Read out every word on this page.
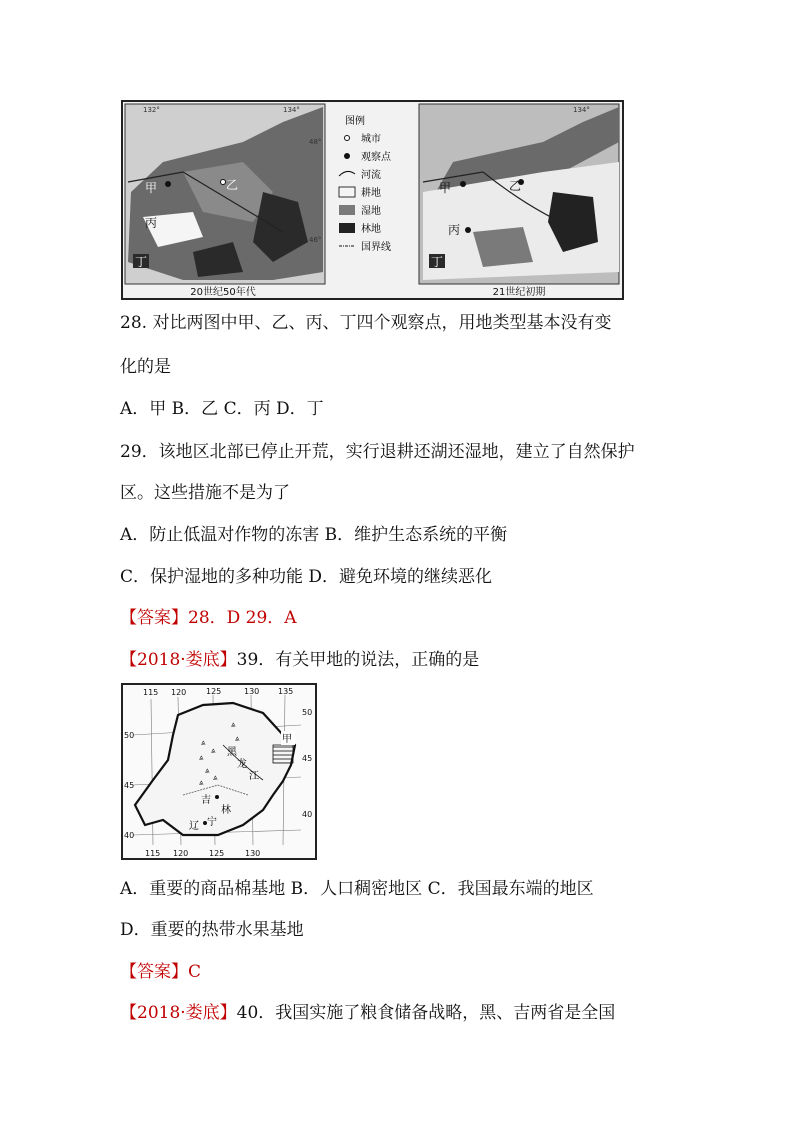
甲	乙
丙
丁
132°	134°
48°
46°
20世纪50年代
图例
城市
观察点
河流
耕地
湿地
林地
国界线
甲	乙
丙
丁
134°
21世纪初期
28. 对比两图中甲、乙、丙、丁四个观察点，用地类型基本没有变
化的是
A．甲 B．乙 C．丙 D．丁
29．该地区北部已停止开荒，实行退耕还湖还湿地，建立了自然保护
区。这些措施不是为了
A．防止低温对作物的冻害 B．维护生态系统的平衡
C．保护湿地的多种功能 D．避免环境的继续恶化
【答案】28．D 29．A
【2018·娄底】39．有关甲地的说法，正确的是
⩓
⩓
⩓
⩓
⩓
⩓
⩓
⩓	甲
黑
龙
江
吉
林
辽 宁
115 120 125	130 135
115 120	125	130
50
45
40
50
45
40
A．重要的商品棉基地 B．人口稠密地区 C．我国最东端的地区
D．重要的热带水果基地
【答案】C
【2018·娄底】40．我国实施了粮食储备战略，黑、吉两省是全国
